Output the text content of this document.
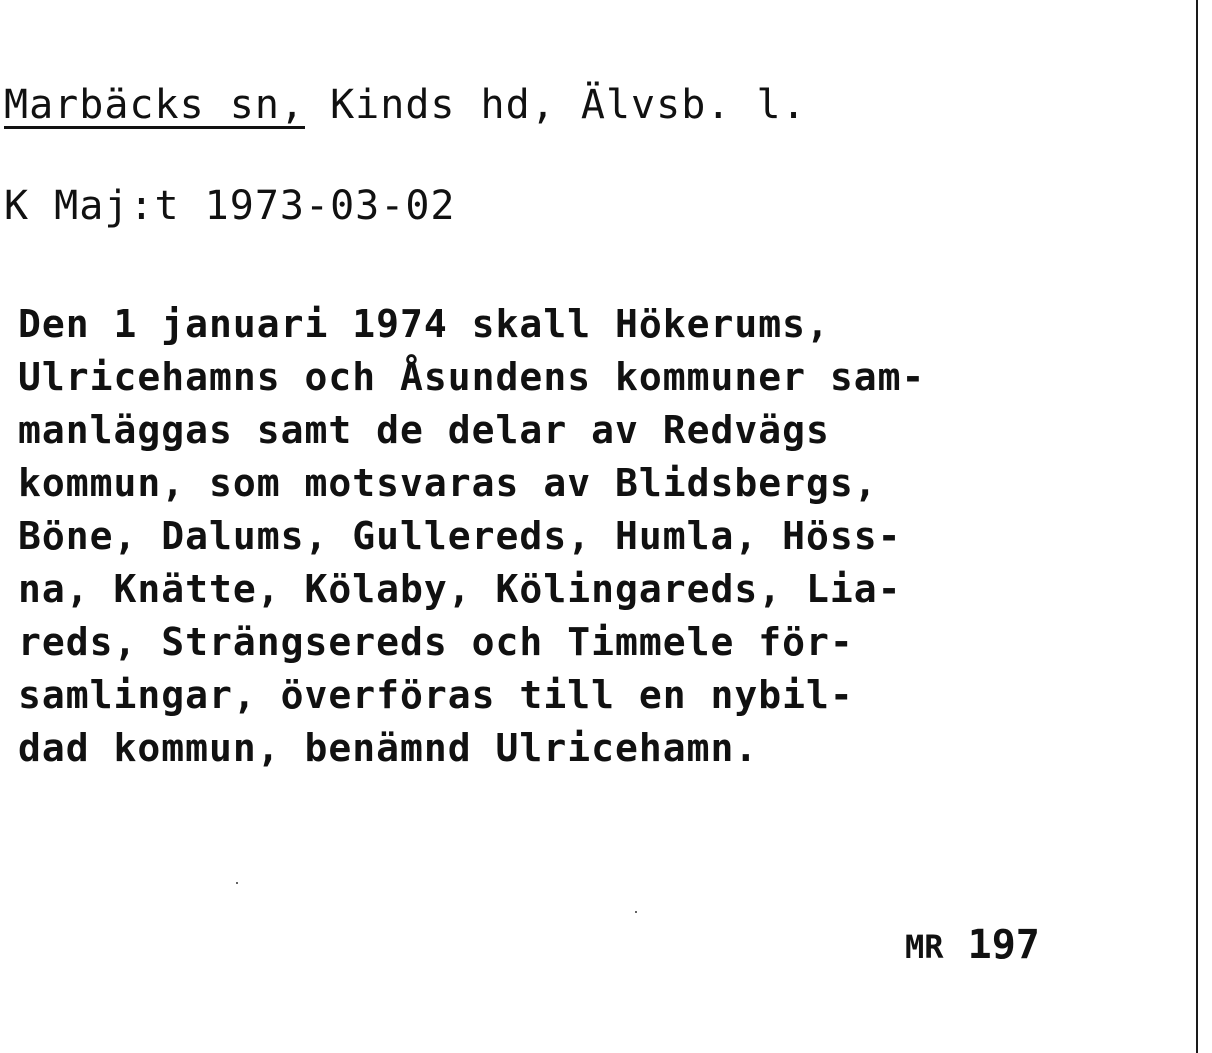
Marbäcks sn, Kinds hd, Älvsb. l.
K Maj:t 1973-03-02
Den 1 januari 1974 skall Hökerums,
Ulricehamns och Åsundens kommuner sam-
manläggas samt de delar av Redvägs
kommun, som motsvaras av Blidsbergs,
Böne, Dalums, Gullereds, Humla, Höss-
na, Knätte, Kölaby, Kölingareds, Lia-
reds, Strängsereds och Timmele för-
samlingar, överföras till en nybil-
dad kommun, benämnd Ulricehamn.
MR 197
